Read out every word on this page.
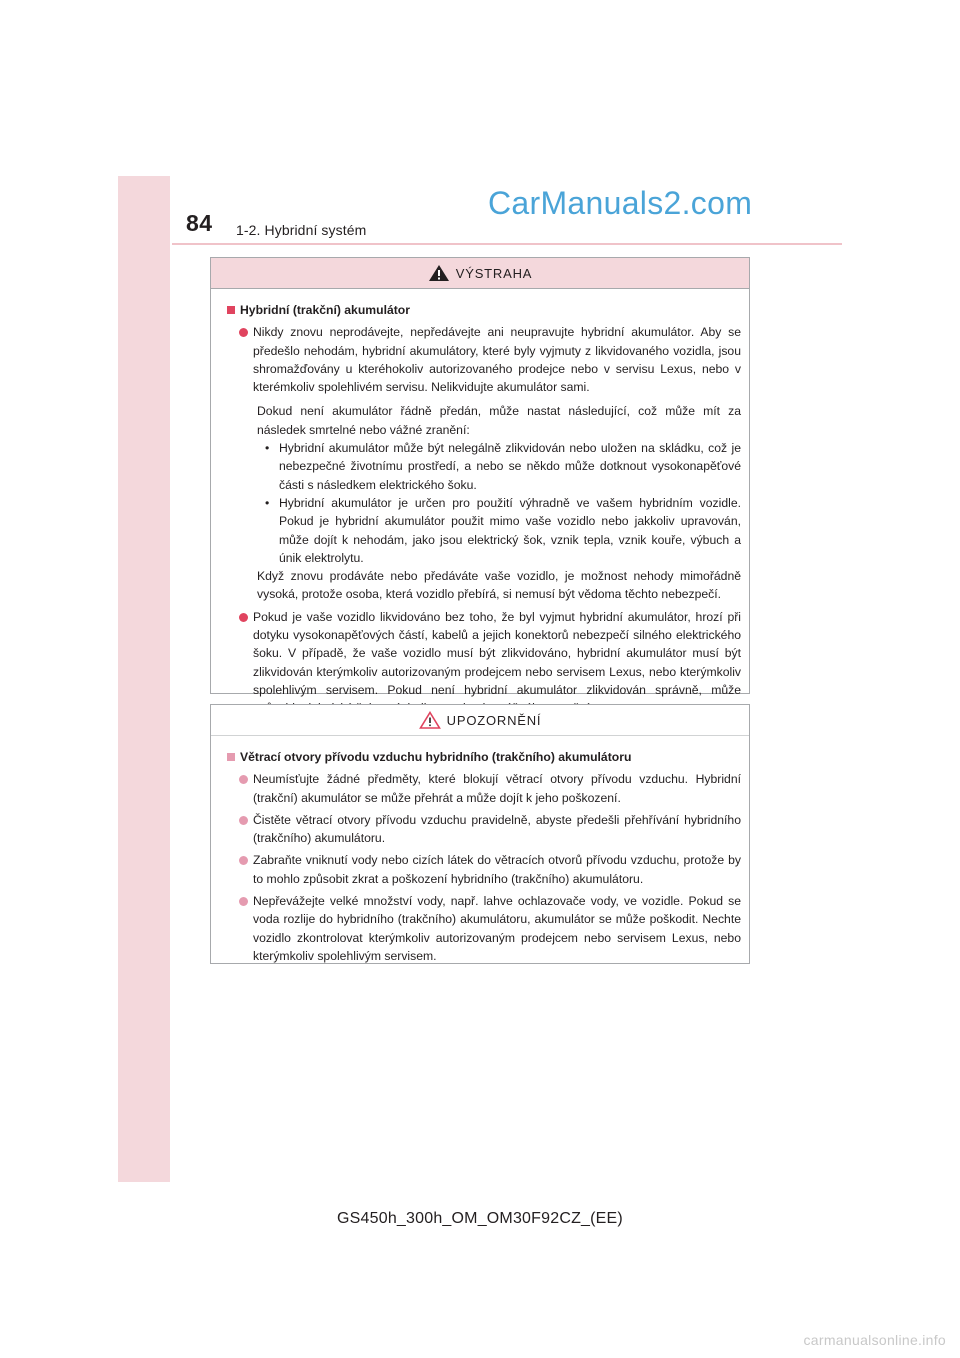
84 1-2. Hybridní systém
CarManuals2.com
VÝSTRAHA
Hybridní (trakční) akumulátor
Nikdy znovu neprodávejte, nepředávejte ani neupravujte hybridní akumulátor. Aby se předešlo nehodám, hybridní akumulátory, které byly vyjmuty z likvidovaného vozidla, jsou shromažďovány u kteréhokoliv autorizovaného prodejce nebo v servisu Lexus, nebo v kterémkoliv spolehlivém servisu. Nelikvidujte akumulátor sami.
Dokud není akumulátor řádně předán, může nastat následující, což může mít za následek smrtelné nebo vážné zranění:
• Hybridní akumulátor může být nelegálně zlikvidován nebo uložen na skládku, což je nebezpečné životnímu prostředí, a nebo se někdo může dotknout vysokonapěťové části s následkem elektrického šoku.
• Hybridní akumulátor je určen pro použití výhradně ve vašem hybridním vozidle. Pokud je hybridní akumulátor použit mimo vaše vozidlo nebo jakkoliv upravován, může dojít k nehodám, jako jsou elektrický šok, vznik tepla, vznik kouře, výbuch a únik elektrolytu.
Když znovu prodáváte nebo předáváte vaše vozidlo, je možnost nehody mimořádně vysoká, protože osoba, která vozidlo přebírá, si nemusí být vědoma těchto nebezpečí.
Pokud je vaše vozidlo likvidováno bez toho, že byl vyjmut hybridní akumulátor, hrozí při dotyku vysokonapěťových částí, kabelů a jejich konektorů nebezpečí silného elektrického šoku. V případě, že vaše vozidlo musí být zlikvidováno, hybridní akumulátor musí být zlikvidován kterýmkoliv autorizovaným prodejcem nebo servisem Lexus, nebo kterýmkoliv spolehlivým servisem. Pokud není hybridní akumulátor zlikvidován správně, může
UPOZORNĚNÍ
Větrací otvory přívodu vzduchu hybridního (trakčního) akumulátoru
Neumísťujte žádné předměty, které blokují větrací otvory přívodu vzduchu. Hybridní (trakční) akumulátor se může přehrát a může dojít k jeho poškození.
Čistěte větrací otvory přívodu vzduchu pravidelně, abyste předešli přehřívání hybridního (trakčního) akumulátoru.
Zabraňte vniknutí vody nebo cizích látek do větracích otvorů přívodu vzduchu, protože by to mohlo způsobit zkrat a poškození hybridního (trakčního) akumulátoru.
Nepřevážejte velké množství vody, např. lahve ochlazovače vody, ve vozidle. Pokud se voda rozlije do hybridního (trakčního) akumulátoru, akumulátor se může poškodit. Nechte vozidlo zkontrolovat kterýmkoliv autorizovaným prodejcem nebo servisem Lexus, nebo kterýmkoliv spolehlivým servisem.
GS450h_300h_OM_OM30F92CZ_(EE)
carmanualsonline.info
